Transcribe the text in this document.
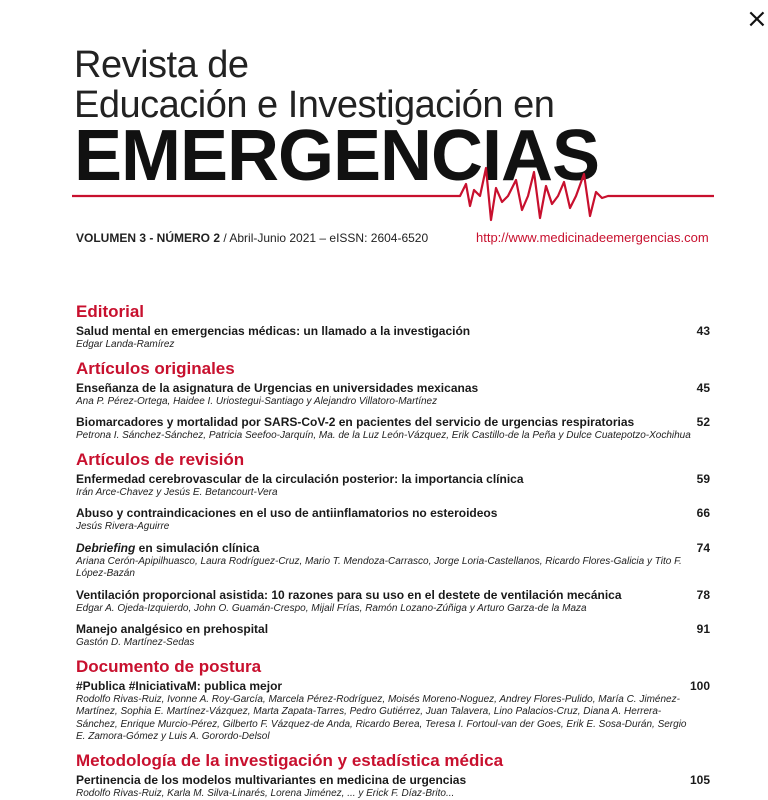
×
Revista de
Educación e Investigación en
EMERGENCIAS
VOLUMEN 3 - NÚMERO 2 / Abril-Junio 2021 – eISSN: 2604-6520	http://www.medicinadeemergencias.com
Editorial
Salud mental en emergencias médicas: un llamado a la investigación
Edgar Landa-Ramírez
43
Artículos originales
Enseñanza de la asignatura de Urgencias en universidades mexicanas
Ana P. Pérez-Ortega, Haidee I. Uriostegui-Santiago y Alejandro Villatoro-Martínez
45
Biomarcadores y mortalidad por SARS-CoV-2 en pacientes del servicio de urgencias respiratorias
Petrona I. Sánchez-Sánchez, Patricia Seefoo-Jarquín, Ma. de la Luz León-Vázquez, Erik Castillo-de la Peña y Dulce Cuatepotzo-Xochihua
52
Artículos de revisión
Enfermedad cerebrovascular de la circulación posterior: la importancia clínica
Irán Arce-Chavez y Jesús E. Betancourt-Vera
59
Abuso y contraindicaciones en el uso de antiinflamatorios no esteroideos
Jesús Rivera-Aguirre
66
Debriefing en simulación clínica
Ariana Cerón-Apipilhuasco, Laura Rodríguez-Cruz, Mario T. Mendoza-Carrasco, Jorge Loria-Castellanos, Ricardo Flores-Galicia y Tito F. López-Bazán
74
Ventilación proporcional asistida: 10 razones para su uso en el destete de ventilación mecánica
Edgar A. Ojeda-Izquierdo, John O. Guamán-Crespo, Mijail Frías, Ramón Lozano-Zúñiga y Arturo Garza-de la Maza
78
Manejo analgésico en prehospital
Gastón D. Martínez-Sedas
91
Documento de postura
#Publica #IniciativaM: publica mejor
Rodolfo Rivas-Ruiz, Ivonne A. Roy-García, Marcela Pérez-Rodríguez, Moisés Moreno-Noguez, Andrey Flores-Pulido, María C. Jiménez-Martínez, Sophia E. Martínez-Vázquez, Marta Zapata-Tarres, Pedro Gutiérrez, Juan Talavera, Lino Palacios-Cruz, Diana A. Herrera-Sánchez, Enrique Murcio-Pérez, Gilberto F. Vázquez-de Anda, Ricardo Berea, Teresa I. Fortoul-van der Goes, Erik E. Sosa-Durán, Sergio E. Zamora-Gómez y Luis A. Gorordo-Delsol
100
Metodología de la investigación y estadística médica
Pertinencia de los modelos multivariantes en medicina de urgencias
Rodolfo Rivas-Ruiz, Karla M. Silva-Linarés, Lorena Jiménez, ... y Erick F. Díaz-Brito...
105
